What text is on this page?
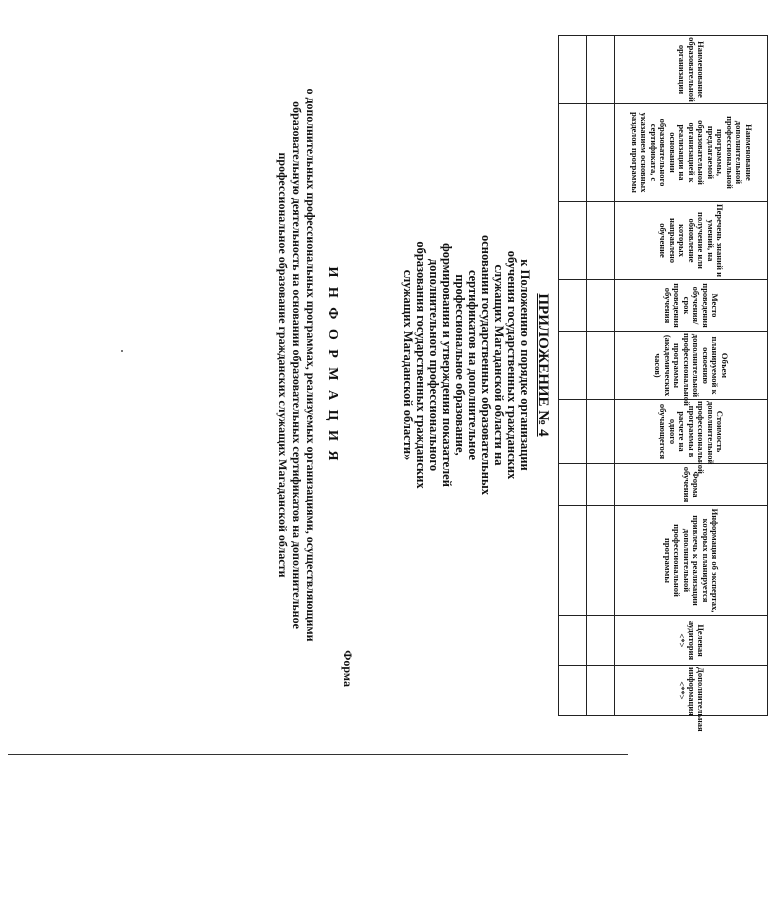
Наименование образовательной организации	Наименование дополнительной профессиональной программы, предлагаемой образовательной организацией к реализации на основании образовательного сертификата, с указанием основных разделов программы	Перечень знаний и умений, на получение или обновление которых направлено обучение	Место проведения обучения/ срок проведения обучения	Объем планируемой к освоению дополнительной профессиональной программы (академических часов)	Стоимость дополнительной профессиональной программы в расчете на одного обучающегося	Форма обучения	Информация об экспертах, которых планируется привлечь к реализации дополнительной профессиональной программы	Целевая аудитория <*>	Дополнительная информация <**>

ПРИЛОЖЕНИЕ № 4
к Положению о порядке организации
обучения государственных гражданских
служащих Магаданской области на
основании государственных образовательных
сертификатов на дополнительное
профессиональное образование,
формирования и утверждения показателей
дополнительного профессионального
образования государственных гражданских
служащих Магаданской области»
Форма
И Н Ф О Р М А Ц И Я
о дополнительных профессиональных программах, реализуемых организациями, осуществляющими
образовательную деятельность на основании образовательных сертификатов на дополнительное
профессиональное образование гражданских служащих Магаданской области
